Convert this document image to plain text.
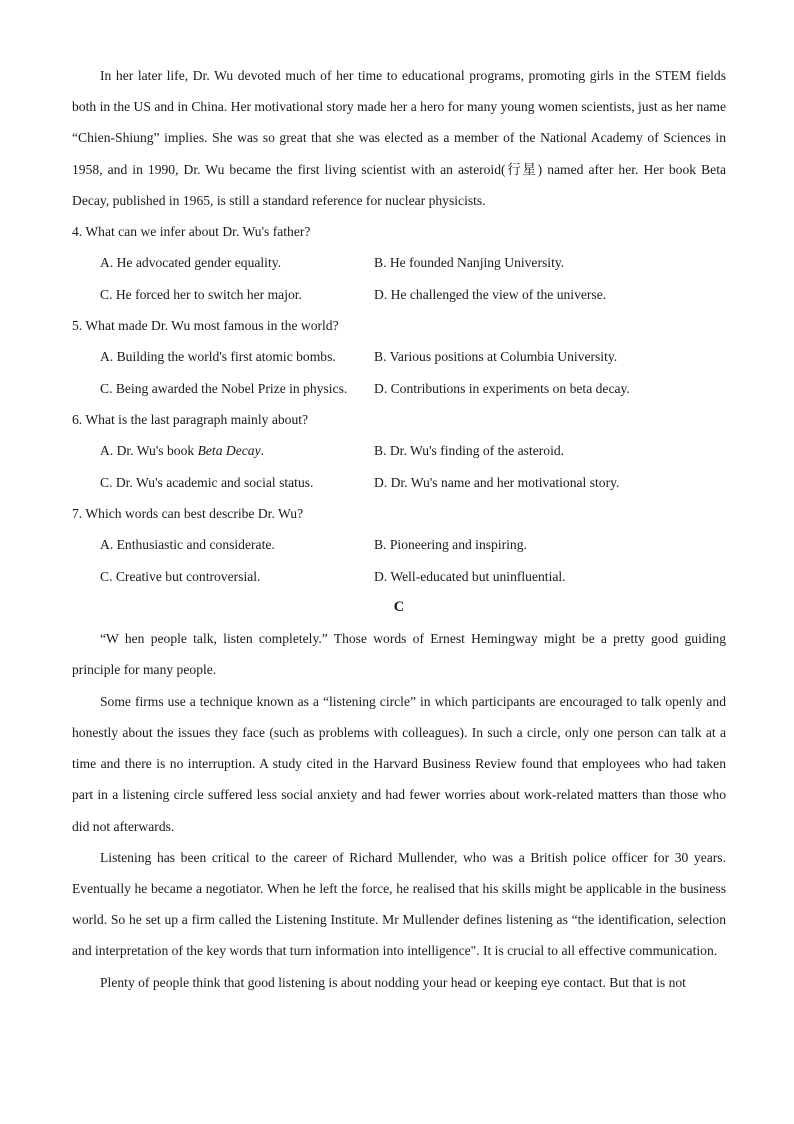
In her later life, Dr. Wu devoted much of her time to educational programs, promoting girls in the STEM fields both in the US and in China. Her motivational story made her a hero for many young women scientists, just as her name “Chien-Shiung” implies. She was so great that she was elected as a member of the National Academy of Sciences in 1958, and in 1990, Dr. Wu became the first living scientist with an asteroid(行星) named after her. Her book Beta Decay, published in 1965, is still a standard reference for nuclear physicists.

4. What can we infer about Dr. Wu's father?
A. He advocated gender equality.	B. He founded Nanjing University.
C. He forced her to switch her major.	D. He challenged the view of the universe.
5. What made Dr. Wu most famous in the world?
A. Building the world's first atomic bombs.	B. Various positions at Columbia University.
C. Being awarded the Nobel Prize in physics.	D. Contributions in experiments on beta decay.
6. What is the last paragraph mainly about?
A. Dr. Wu's book Beta Decay.	B. Dr. Wu's finding of the asteroid.
C. Dr. Wu's academic and social status.	D. Dr. Wu's name and her motivational story.
7. Which words can best describe Dr. Wu?
A. Enthusiastic and considerate.	B. Pioneering and inspiring.
C. Creative but controversial.	D. Well-educated but uninfluential.
C

“W hen people talk, listen completely.” Those words of Ernest Hemingway might be a pretty good guiding principle for many people.

Some firms use a technique known as a “listening circle” in which participants are encouraged to talk openly and honestly about the issues they face (such as problems with colleagues). In such a circle, only one person can talk at a time and there is no interruption. A study cited in the Harvard Business Review found that employees who had taken part in a listening circle suffered less social anxiety and had fewer worries about work-related matters than those who did not afterwards.

Listening has been critical to the career of Richard Mullender, who was a British police officer for 30 years. Eventually he became a negotiator. When he left the force, he realised that his skills might be applicable in the business world. So he set up a firm called the Listening Institute. Mr Mullender defines listening as “the identification, selection and interpretation of the key words that turn information into intelligence". It is crucial to all effective communication.

Plenty of people think that good listening is about nodding your head or keeping eye contact. But that is not
